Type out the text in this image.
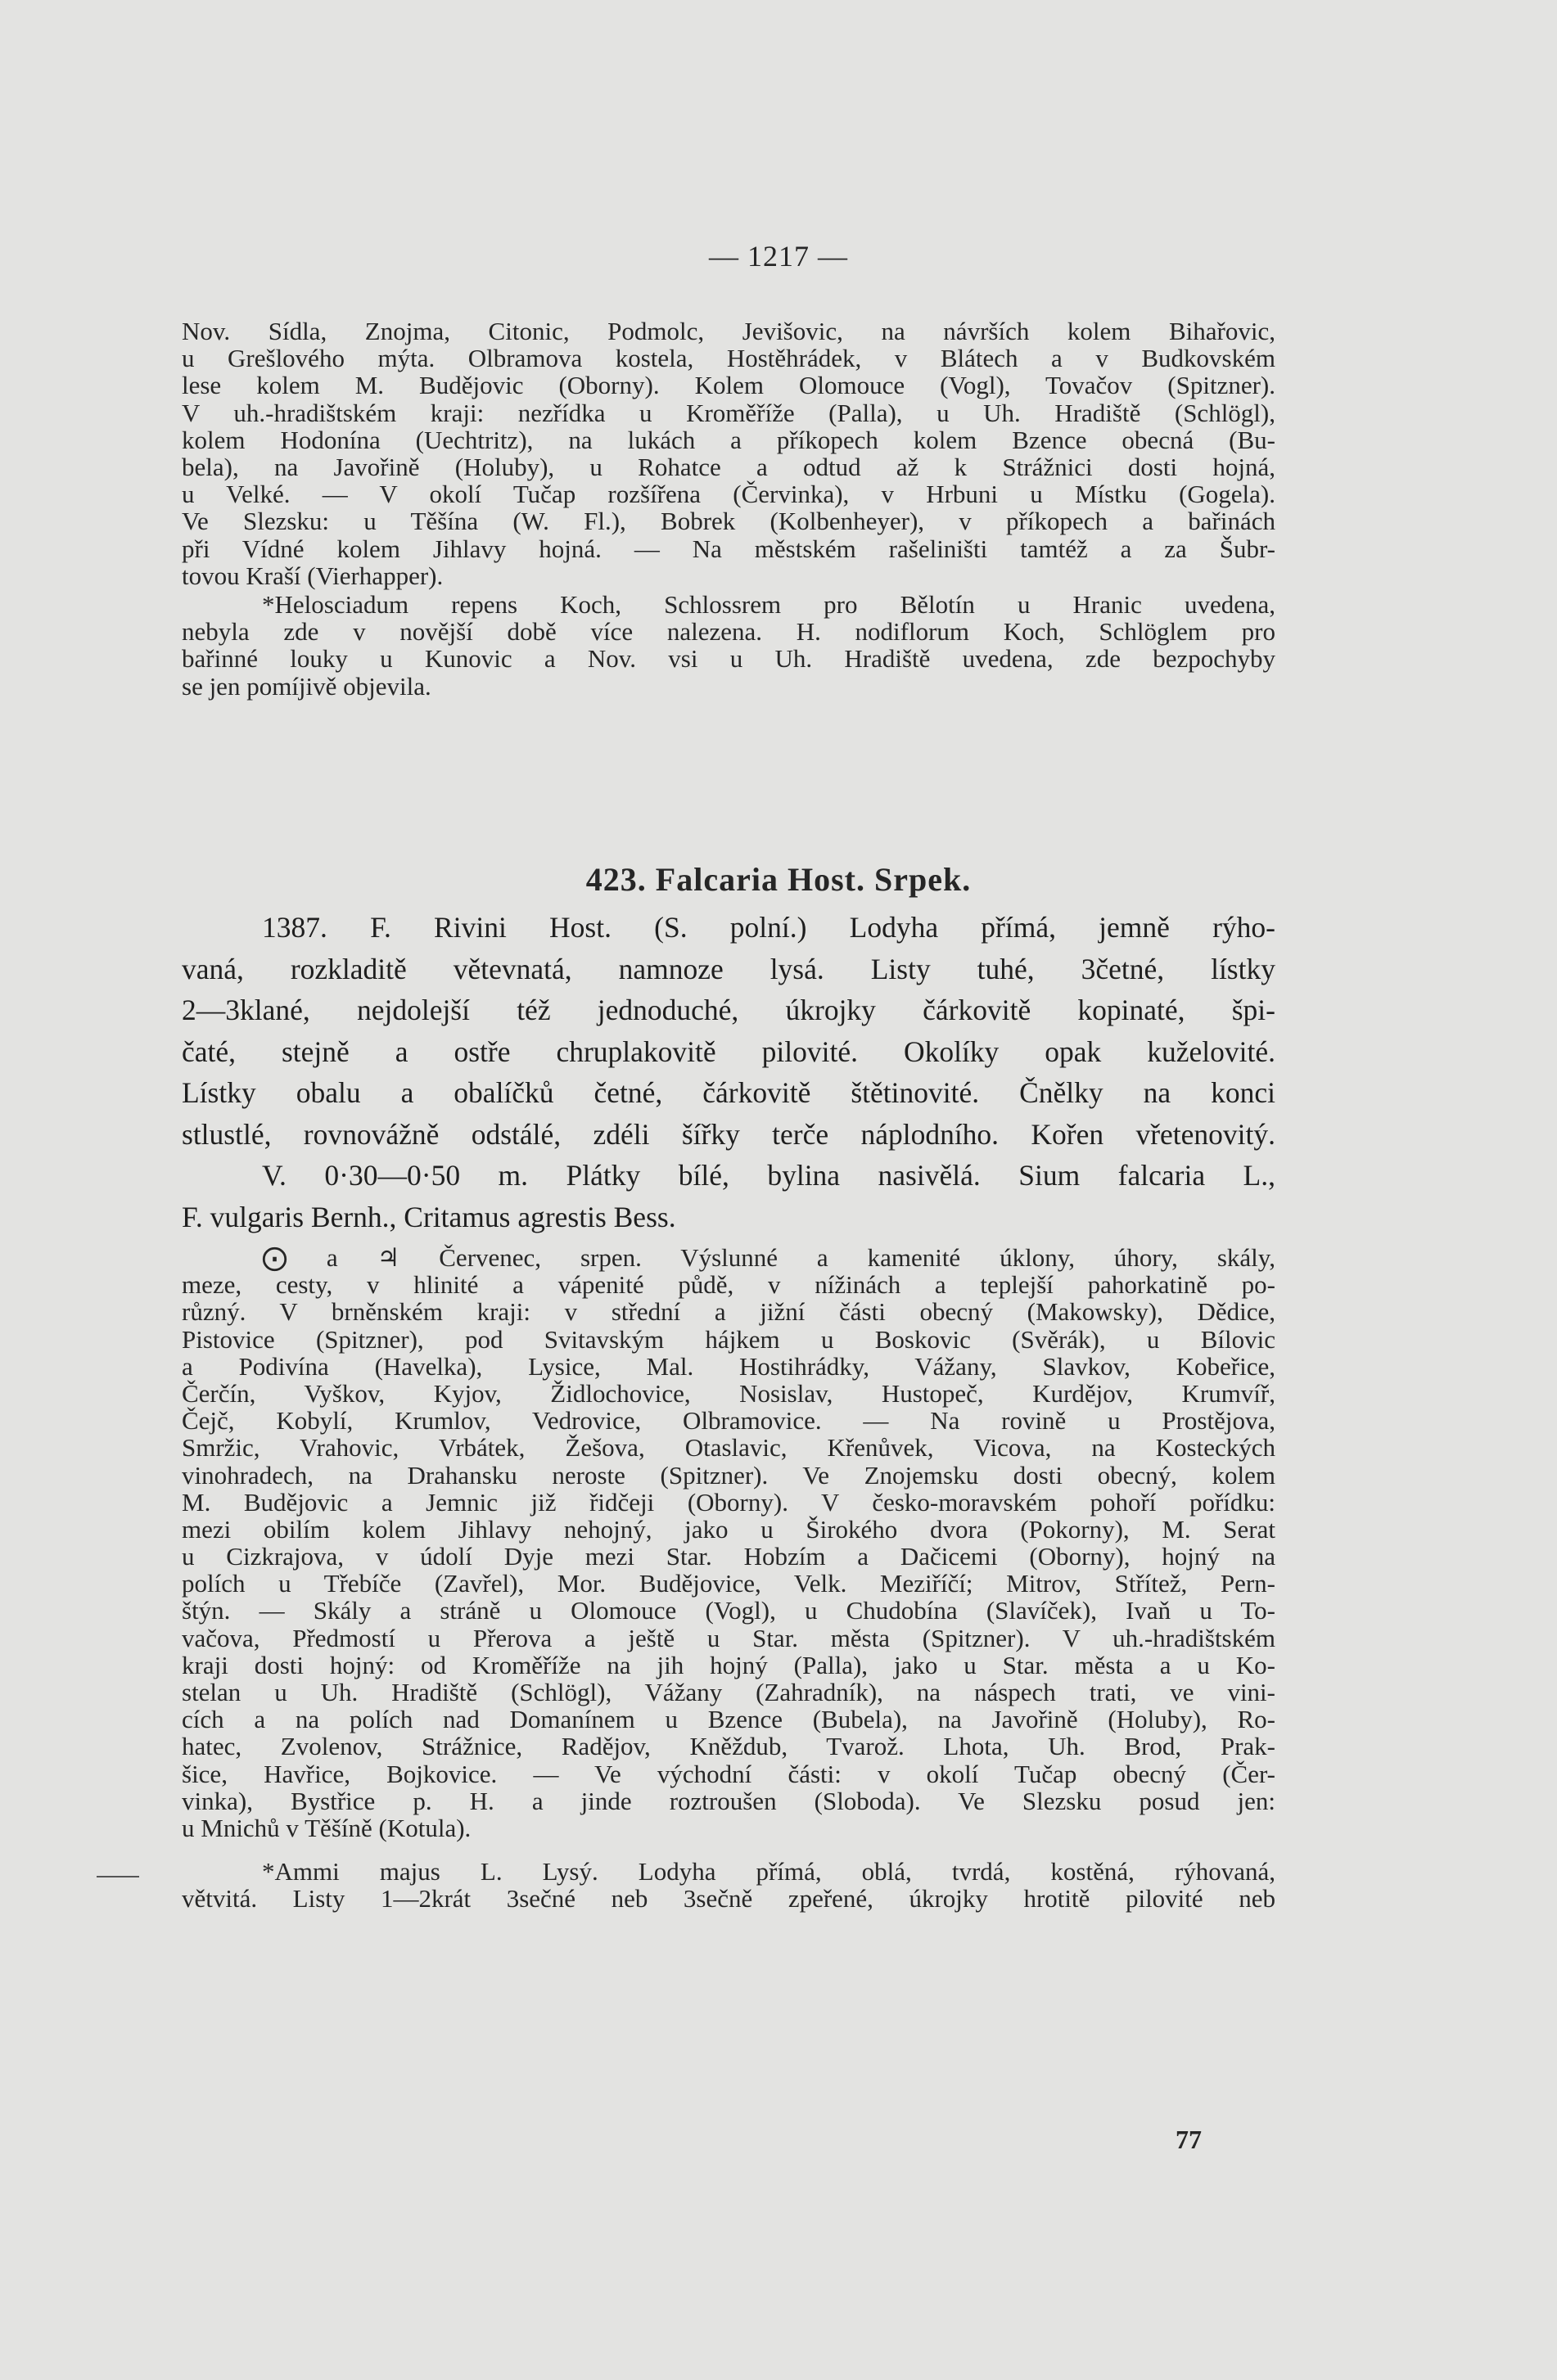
— 1217 —
Nov. Sídla, Znojma, Citonic, Podmolc, Jevišovic, na návrších kolem Bihařovic,
u Grešlového mýta. Olbramova kostela, Hostěhrádek, v Blátech a v Budkovském
lese kolem M. Budějovic (Oborny). Kolem Olomouce (Vogl), Tovačov (Spitzner).
V uh.-hradištském kraji: nezřídka u Kroměříže (Palla), u Uh. Hradiště (Schlögl),
kolem Hodonína (Uechtritz), na lukách a příkopech kolem Bzence obecná (Bu-
bela), na Javořině (Holuby), u Rohatce a odtud až k Strážnici dosti hojná,
u Velké. — V okolí Tučap rozšířena (Červinka), v Hrbuni u Místku (Gogela).
Ve Slezsku: u Těšína (W. Fl.), Bobrek (Kolbenheyer), v příkopech a bařinách
při Vídné kolem Jihlavy hojná. — Na městském rašeliništi tamtéž a za Šubr-
tovou Kraší (Vierhapper).
*Helosciadum repens Koch, Schlossrem pro Bělotín u Hranic uvedena,
nebyla zde v novější době více nalezena. H. nodiflorum Koch, Schlöglem pro
bařinné louky u Kunovic a Nov. vsi u Uh. Hradiště uvedena, zde bezpochyby
se jen pomíjivě objevila.
423. Falcaria Host. Srpek.
1387. F. Rivini Host. (S. polní.) Lodyha přímá, jemně rýho-
vaná, rozkladitě větevnatá, namnoze lysá. Listy tuhé, 3četné, lístky
2—3klané, nejdolejší též jednoduché, úkrojky čárkovitě kopinaté, špi-
čaté, stejně a ostře chruplakovitě pilovité. Okolíky opak kuželovité.
Lístky obalu a obalíčků četné, čárkovitě štětinovité. Čnělky na konci
stlustlé, rovnovážně odstálé, zdéli šířky terče náplodního. Kořen vřetenovitý.
V. 0·30—0·50 m. Plátky bílé, bylina nasivělá. Sium falcaria L.,
F. vulgaris Bernh., Critamus agrestis Bess.
⨀ a ♃ Červenec, srpen. Výslunné a kamenité úklony, úhory, skály,
meze, cesty, v hlinité a vápenité půdě, v nížinách a teplejší pahorkatině po-
různý. V brněnském kraji: v střední a jižní části obecný (Makowsky), Dědice,
Pistovice (Spitzner), pod Svitavským hájkem u Boskovic (Svěrák), u Bílovic
a Podivína (Havelka), Lysice, Mal. Hostihrádky, Vážany, Slavkov, Kobeřice,
Čerčín, Vyškov, Kyjov, Židlochovice, Nosislav, Hustopeč, Kurdějov, Krumvíř,
Čejč, Kobylí, Krumlov, Vedrovice, Olbramovice. — Na rovině u Prostějova,
Smržic, Vrahovic, Vrbátek, Žešova, Otaslavic, Křenůvek, Vicova, na Kosteckých
vinohradech, na Drahansku neroste (Spitzner). Ve Znojemsku dosti obecný, kolem
M. Budějovic a Jemnic již řidčeji (Oborny). V česko-moravském pohoří pořídku:
mezi obilím kolem Jihlavy nehojný, jako u Širokého dvora (Pokorny), M. Serat
u Cizkrajova, v údolí Dyje mezi Star. Hobzím a Dačicemi (Oborny), hojný na
polích u Třebíče (Zavřel), Mor. Budějovice, Velk. Meziříčí; Mitrov, Střítež, Pern-
štýn. — Skály a stráně u Olomouce (Vogl), u Chudobína (Slavíček), Ivaň u To-
vačova, Předmostí u Přerova a ještě u Star. města (Spitzner). V uh.-hradištském
kraji dosti hojný: od Kroměříže na jih hojný (Palla), jako u Star. města a u Ko-
stelan u Uh. Hradiště (Schlögl), Vážany (Zahradník), na náspech trati, ve vini-
cích a na polích nad Domanínem u Bzence (Bubela), na Javořině (Holuby), Ro-
hatec, Zvolenov, Strážnice, Radějov, Kněždub, Tvarož. Lhota, Uh. Brod, Prak-
šice, Havřice, Bojkovice. — Ve východní části: v okolí Tučap obecný (Čer-
vinka), Bystřice p. H. a jinde roztroušen (Sloboda). Ve Slezsku posud jen:
u Mnichů v Těšíně (Kotula).
*Ammi majus L. Lysý. Lodyha přímá, oblá, tvrdá, kostěná, rýhovaná,
větvitá. Listy 1—2krát 3sečné neb 3sečně zpeřené, úkrojky hrotitě pilovité neb
77
